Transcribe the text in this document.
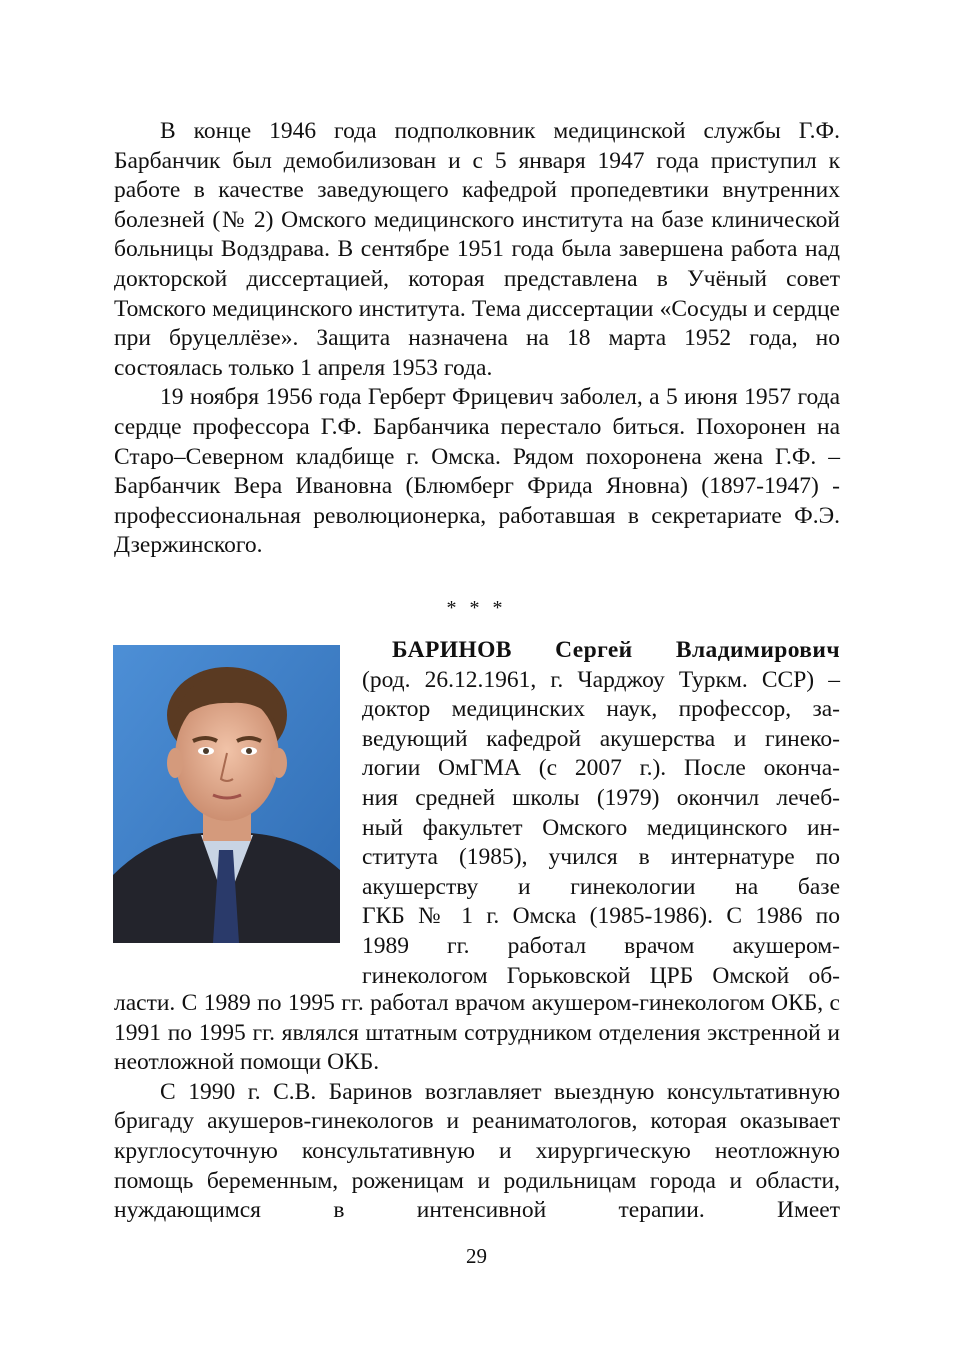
В конце 1946 года подполковник медицинской службы Г.Ф. Барбанчик был демобилизован и с 5 января 1947 года приступил к работе в качестве заведующего кафедрой пропедевтики внутренних болезней (№ 2) Омского медицинского института на базе клинической больницы Водздрава. В сентябре 1951 года была завершена работа над докторской диссертацией, которая представлена в Учёный совет Томского медицинского института. Тема диссертации «Сосуды и сердце при бруцеллёзе». Защита назначена на 18 марта 1952 года, но состоялась только 1 апреля 1953 года.

19 ноября 1956 года Герберт Фрицевич заболел, а 5 июня 1957 года сердце профессора Г.Ф. Барбанчика перестало биться. Похоронен на Старо–Северном кладбище г. Омска. Рядом похоронена жена Г.Ф. – Барбанчик Вера Ивановна (Блюмберг Фрида Яновна) (1897-1947) - профессиональная революционерка, работавшая в секретариате Ф.Э. Дзержинского.

* * *

БАРИНОВ Сергей Владимирович

(род. 26.12.1961, г. Чарджоу Туркм. ССР) –
доктор медицинских наук, профессор, за-
ведующий кафедрой акушерства и гинеко-
логии ОмГМА (с 2007 г.). После оконча-
ния средней школы (1979) окончил лечеб-
ный факультет Омского медицинского ин-
ститута (1985), учился в интернатуре по
акушерству и гинекологии на базе
ГКБ № 1 г. Омска (1985-1986). С 1986 по
1989 гг. работал врачом акушером-
гинекологом Горьковской ЦРБ Омской об-

ласти. С 1989 по 1995 гг. работал врачом акушером-гинекологом ОКБ, с 1991 по 1995 гг. являлся штатным сотрудником отделения экстренной и неотложной помощи ОКБ.

С 1990 г. С.В. Баринов возглавляет выездную консультативную бригаду акушеров-гинекологов и реаниматологов, которая оказывает круглосуточную консультативную и хирургическую неотложную помощь беременным, роженицам и родильницам города и области, нуждающимся в интенсивной терапии. Имеет

29
